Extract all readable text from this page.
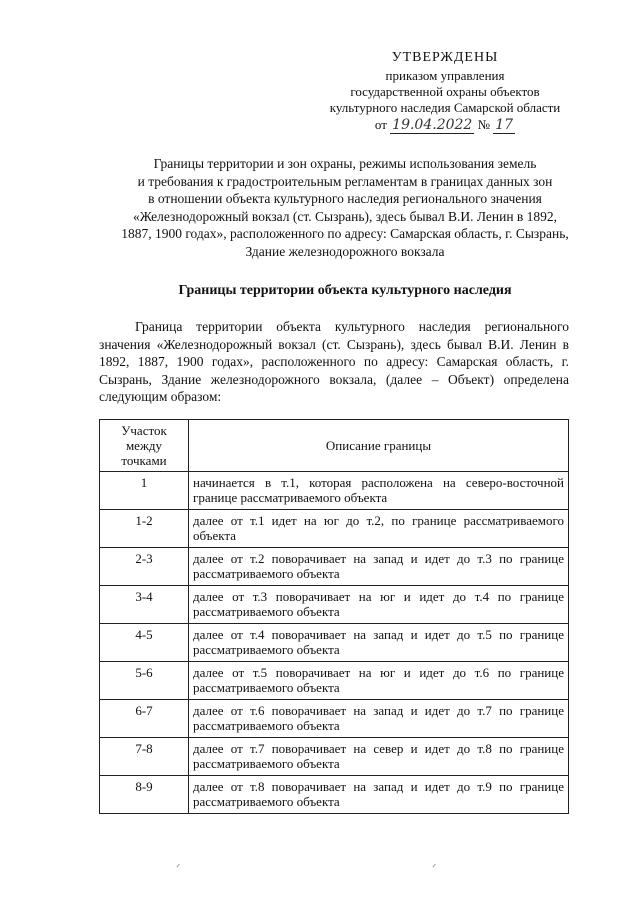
УТВЕРЖДЕНЫ
приказом управления
государственной охраны объектов
культурного наследия Самарской области
от 19.04.2022 № 17
Границы территории и зон охраны, режимы использования земель
и требования к градостроительным регламентам в границах данных зон
в отношении объекта культурного наследия регионального значения
«Железнодорожный вокзал (ст. Сызрань), здесь бывал В.И. Ленин в 1892,
1887, 1900 годах», расположенного по адресу: Самарская область, г. Сызрань,
Здание железнодорожного вокзала
Границы территории объекта культурного наследия
Граница территории объекта культурного наследия регионального значения «Железнодорожный вокзал (ст. Сызрань), здесь бывал В.И. Ленин в 1892, 1887, 1900 годах», расположенного по адресу: Самарская область, г. Сызрань, Здание железнодорожного вокзала, (далее – Объект) определена следующим образом:
Участок
между
точками	Описание границы
1	начинается в т.1, которая расположена на северо-восточной границе рассматриваемого объекта
1-2	далее от т.1 идет на юг до т.2, по границе рассматриваемого объекта
2-3	далее от т.2 поворачивает на запад и идет до т.3 по границе рассматриваемого объекта
3-4	далее от т.3 поворачивает на юг и идет до т.4 по границе рассматриваемого объекта
4-5	далее от т.4 поворачивает на запад и идет до т.5 по границе рассматриваемого объекта
5-6	далее от т.5 поворачивает на юг и идет до т.6 по границе рассматриваемого объекта
6-7	далее от т.6 поворачивает на запад и идет до т.7 по границе рассматриваемого объекта
7-8	далее от т.7 поворачивает на север и идет до т.8 по границе рассматриваемого объекта
8-9	далее от т.8 поворачивает на запад и идет до т.9 по границе рассматриваемого объекта
ᐟ	ᐟ
